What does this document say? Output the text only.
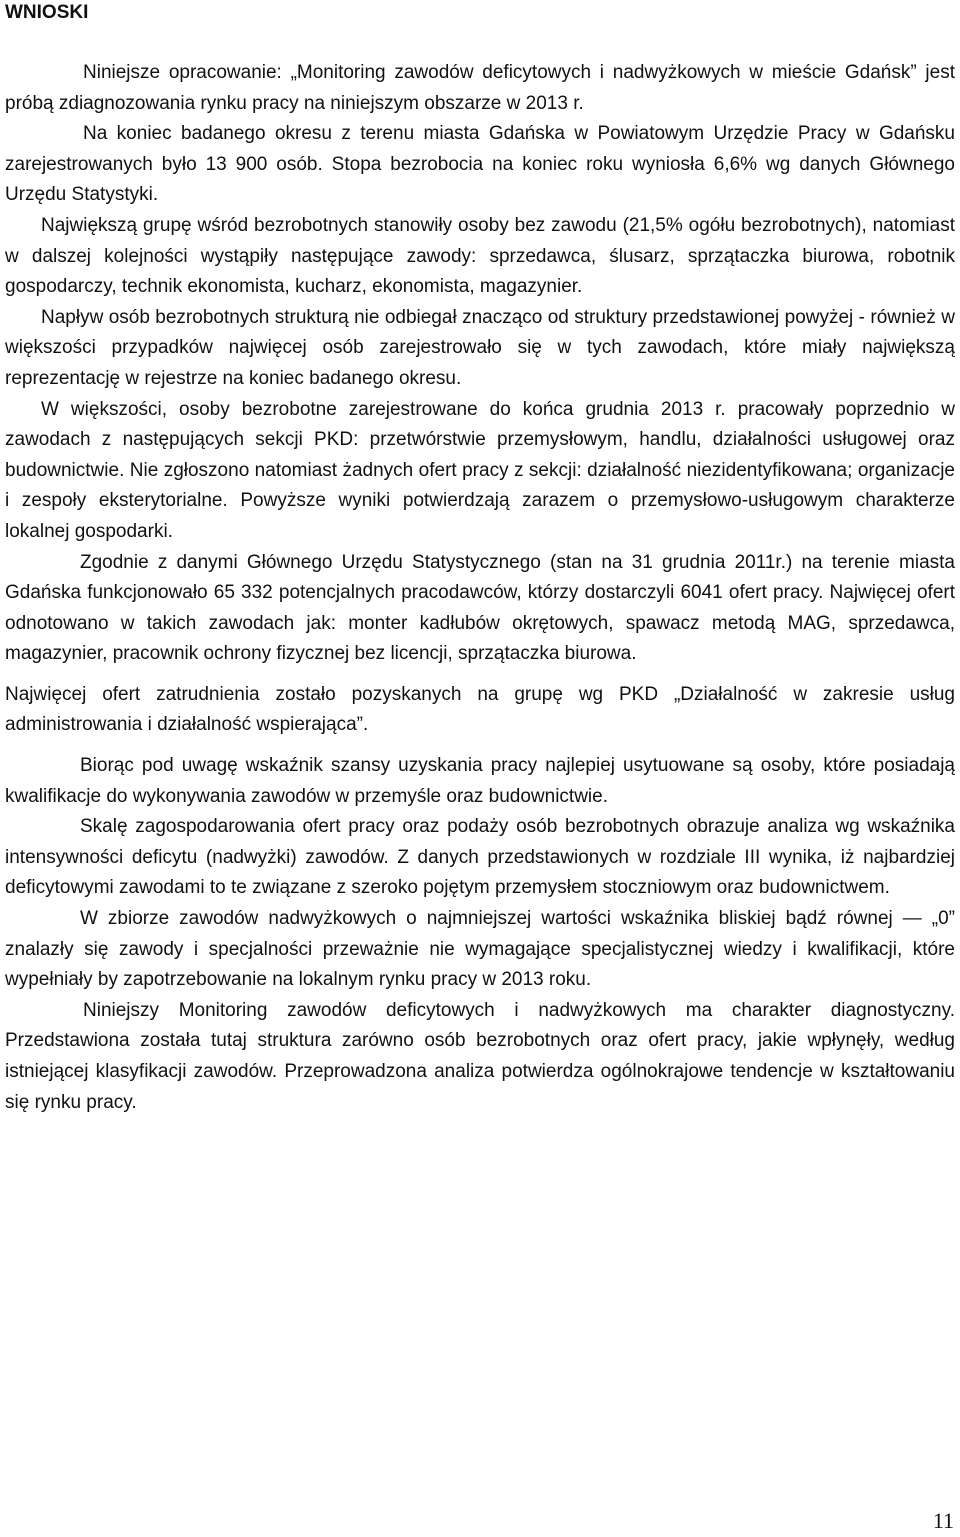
WNIOSKI

Niniejsze opracowanie: „Monitoring zawodów deficytowych i nadwyżkowych w mieście Gdańsk” jest próbą zdiagnozowania rynku pracy na niniejszym obszarze w 2013 r.

Na koniec badanego okresu z terenu miasta Gdańska w Powiatowym Urzędzie Pracy w Gdańsku zarejestrowanych było 13 900 osób. Stopa bezrobocia na koniec roku wyniosła 6,6% wg danych Głównego Urzędu Statystyki.

Największą grupę wśród bezrobotnych stanowiły osoby bez zawodu (21,5% ogółu bezrobotnych), natomiast w dalszej kolejności wystąpiły następujące zawody: sprzedawca, ślusarz, sprzątaczka biurowa, robotnik gospodarczy, technik ekonomista, kucharz, ekonomista, magazynier.

Napływ osób bezrobotnych strukturą nie odbiegał znacząco od struktury przedstawionej powyżej - również w większości przypadków najwięcej osób zarejestrowało się w tych zawodach, które miały największą reprezentację w rejestrze na koniec badanego okresu.

W większości, osoby bezrobotne zarejestrowane do końca grudnia 2013 r. pracowały poprzednio w zawodach z następujących sekcji PKD: przetwórstwie przemysłowym, handlu, działalności usługowej oraz budownictwie. Nie zgłoszono natomiast żadnych ofert pracy z sekcji: działalność niezidentyfikowana; organizacje i zespoły eksterytorialne. Powyższe wyniki potwierdzają zarazem o przemysłowo-usługowym charakterze lokalnej gospodarki.

Zgodnie z danymi Głównego Urzędu Statystycznego (stan na 31 grudnia 2011r.) na terenie miasta Gdańska funkcjonowało 65 332 potencjalnych pracodawców, którzy dostarczyli 6041 ofert pracy. Najwięcej ofert odnotowano w takich zawodach jak: monter kadłubów okrętowych, spawacz metodą MAG, sprzedawca, magazynier, pracownik ochrony fizycznej bez licencji, sprzątaczka biurowa.

Najwięcej ofert zatrudnienia zostało pozyskanych na grupę wg PKD „Działalność w zakresie usług administrowania i działalność wspierająca”.

Biorąc pod uwagę wskaźnik szansy uzyskania pracy najlepiej usytuowane są osoby, które posiadają kwalifikacje do wykonywania zawodów w przemyśle oraz budownictwie.

Skalę zagospodarowania ofert pracy oraz podaży osób bezrobotnych obrazuje analiza wg wskaźnika intensywności deficytu (nadwyżki) zawodów. Z danych przedstawionych w rozdziale III wynika, iż najbardziej deficytowymi zawodami to te związane z szeroko pojętym przemysłem stoczniowym oraz budownictwem.

W zbiorze zawodów nadwyżkowych o najmniejszej wartości wskaźnika bliskiej bądź równej — „0” znalazły się zawody i specjalności przeważnie nie wymagające specjalistycznej wiedzy i kwalifikacji, które wypełniały by zapotrzebowanie na lokalnym rynku pracy w 2013 roku.

Niniejszy Monitoring zawodów deficytowych i nadwyżkowych ma charakter diagnostyczny. Przedstawiona została tutaj struktura zarówno osób bezrobotnych oraz ofert pracy, jakie wpłynęły, według istniejącej klasyfikacji zawodów. Przeprowadzona analiza potwierdza ogólnokrajowe tendencje w kształtowaniu się rynku pracy.

11
